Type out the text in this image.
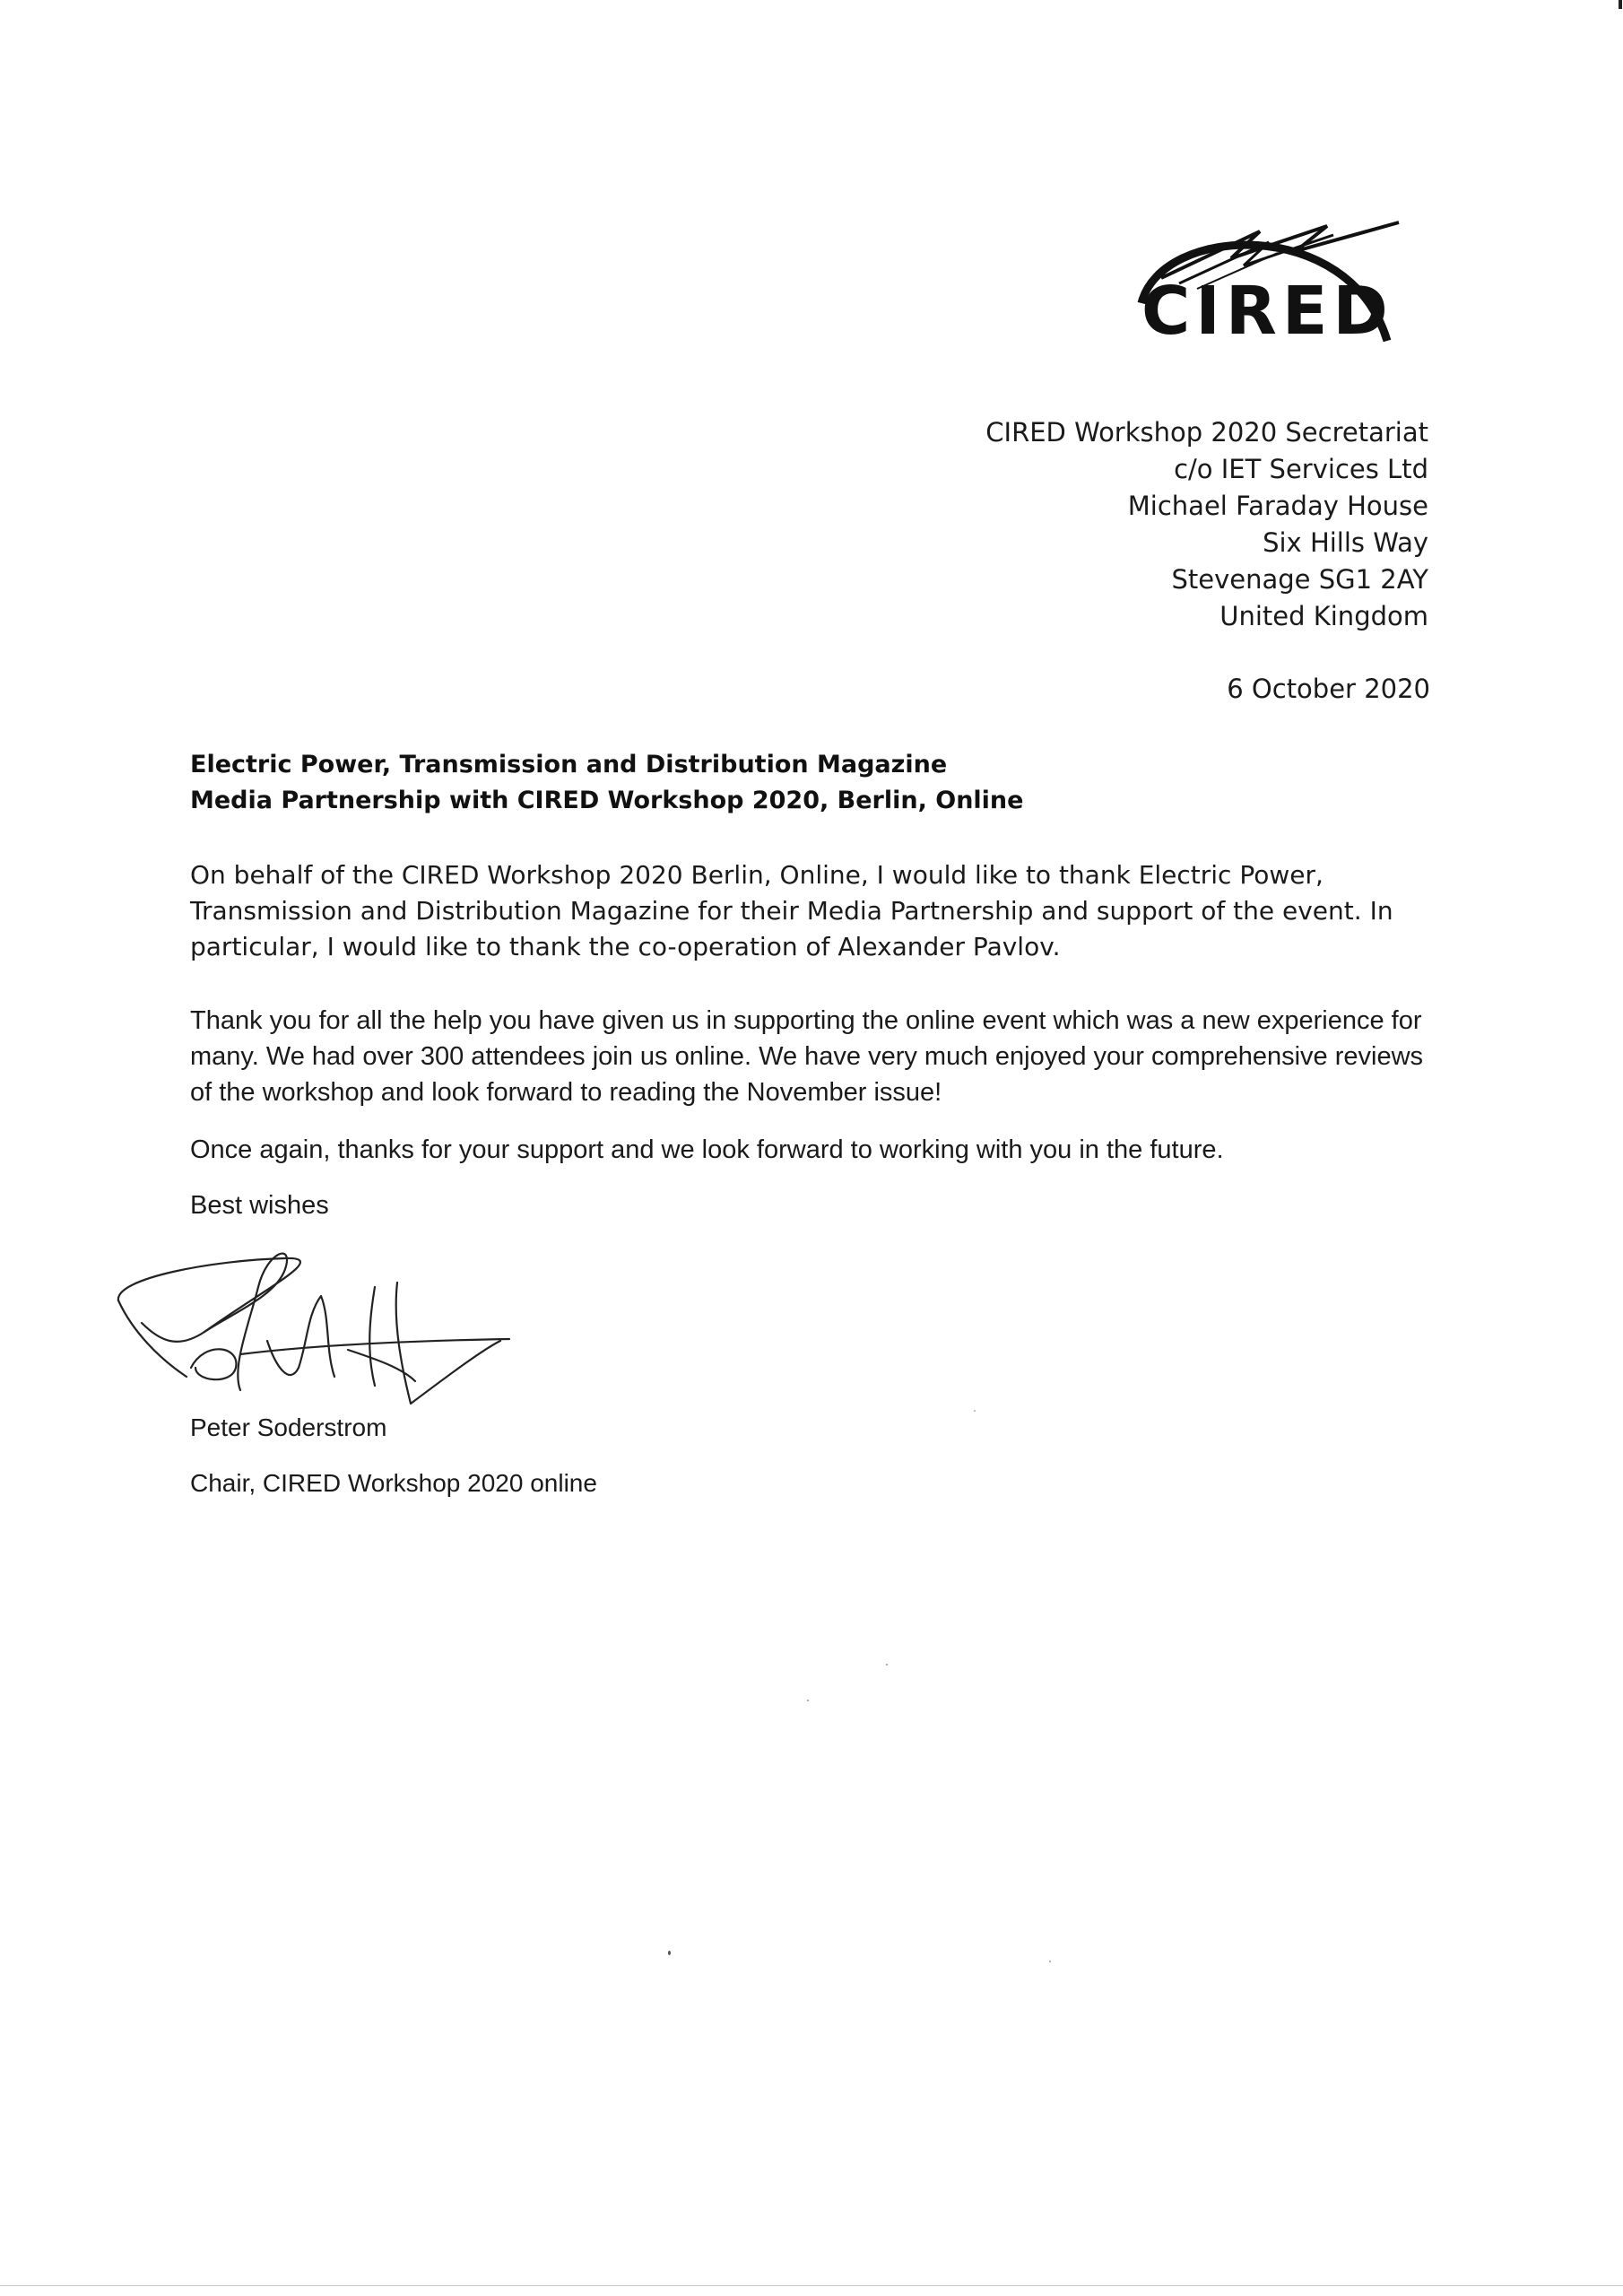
CIRED
CIRED Workshop 2020 Secretariat
c/o IET Services Ltd
Michael Faraday House
Six Hills Way
Stevenage SG1 2AY
United Kingdom
6 October 2020
Electric Power, Transmission and Distribution Magazine
Media Partnership with CIRED Workshop 2020, Berlin, Online
On behalf of the CIRED Workshop 2020 Berlin, Online, I would like to thank Electric Power, Transmission and Distribution Magazine for their Media Partnership and support of the event. In particular, I would like to thank the co-operation of Alexander Pavlov.
Thank you for all the help you have given us in supporting the online event which was a new experience for many. We had over 300 attendees join us online. We have very much enjoyed your comprehensive reviews of the workshop and look forward to reading the November issue!
Once again, thanks for your support and we look forward to working with you in the future.
Best wishes
Peter Soderstrom
Chair, CIRED Workshop 2020 online
